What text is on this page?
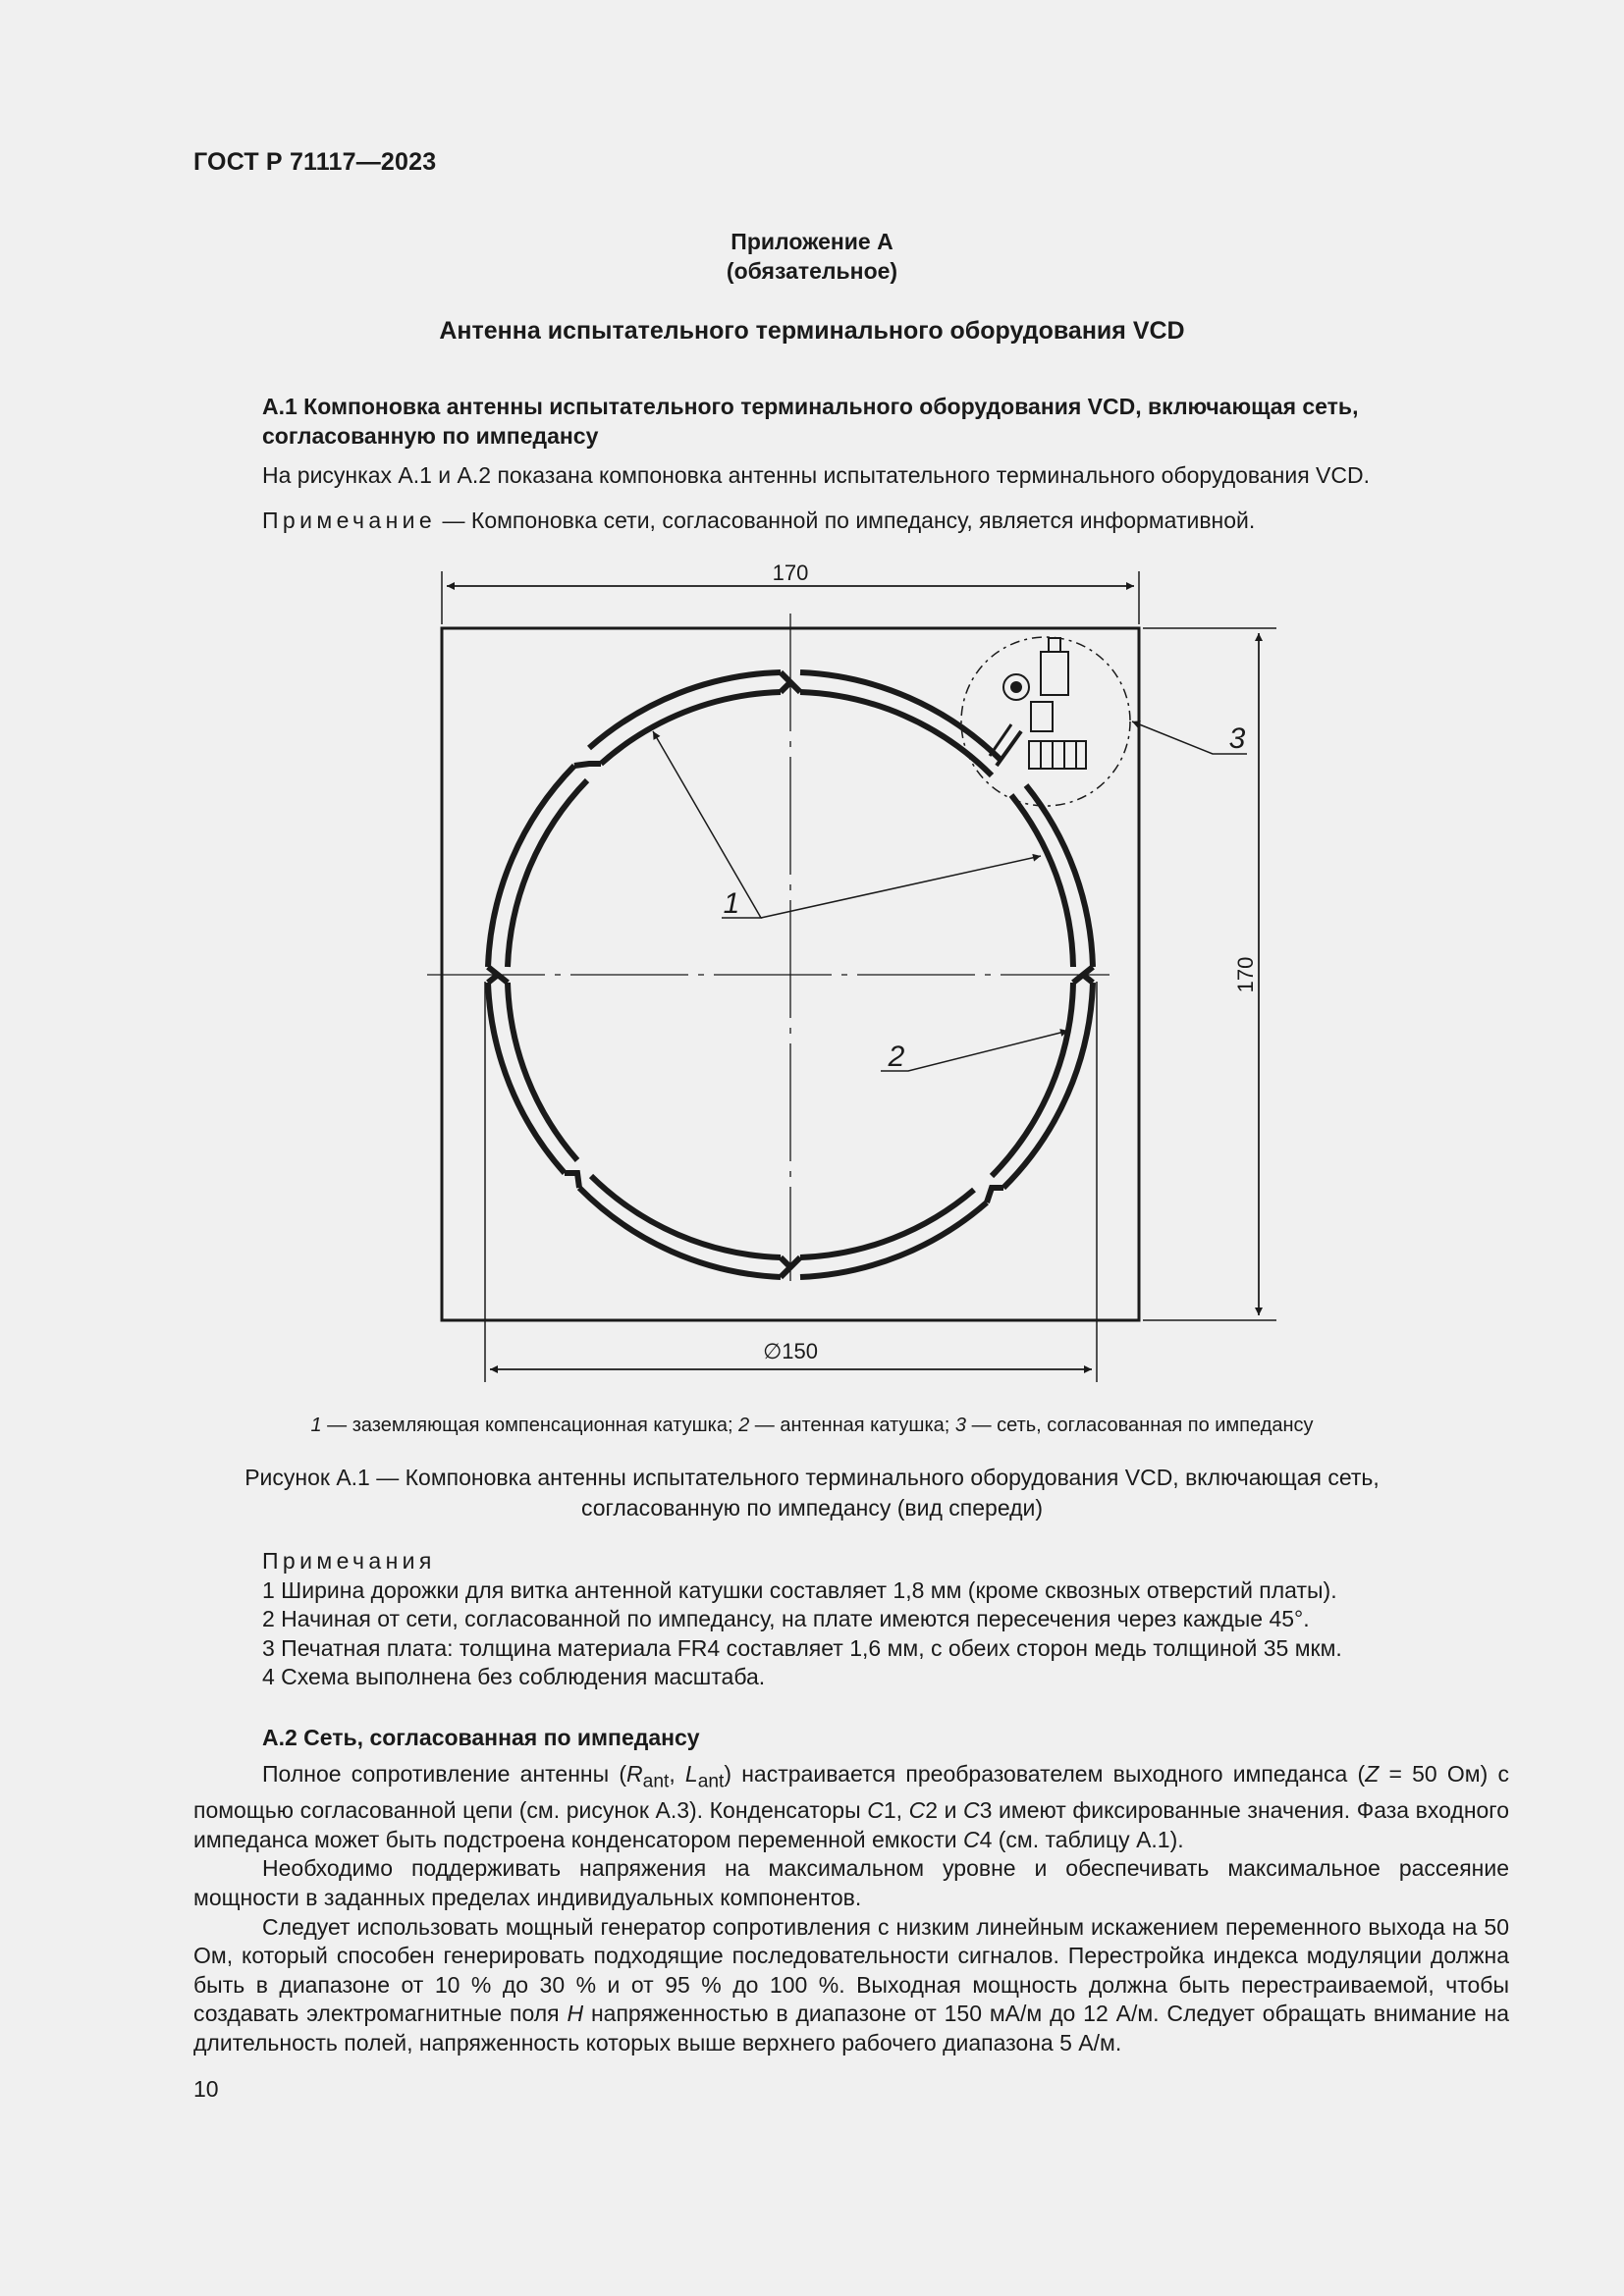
ГОСТ Р 71117—2023
Приложение А
(обязательное)
Антенна испытательного терминального оборудования VCD
А.1 Компоновка антенны испытательного терминального оборудования VCD, включающая сеть,
согласованную по импедансу
На рисунках А.1 и А.2 показана компоновка антенны испытательного терминального оборудования VCD.
Примечание — Компоновка сети, согласованной по импедансу, является информативной.
170
170
∅150
1
2
3
1 — заземляющая компенсационная катушка; 2 — антенная катушка; 3 — сеть, согласованная по импедансу
Рисунок А.1 — Компоновка антенны испытательного терминального оборудования VCD, включающая сеть,
согласованную по импедансу (вид спереди)
Примечания
1 Ширина дорожки для витка антенной катушки составляет 1,8 мм (кроме сквозных отверстий платы).
2 Начиная от сети, согласованной по импедансу, на плате имеются пересечения через каждые 45°.
3 Печатная плата: толщина материала FR4 составляет 1,6 мм, с обеих сторон медь толщиной 35 мкм.
4 Схема выполнена без соблюдения масштаба.
А.2 Сеть, согласованная по импедансу

Полное сопротивление антенны ($R_{ant}$, $L_{ant}$) настраивается преобразователем выходного импеданса (Z = 50 Ом) с помощью согласованной цепи (см. рисунок А.3). Конденсаторы C1, C2 и C3 имеют фиксированные значения. Фаза входного импеданса может быть подстроена конденсатором переменной емкости C4 (см. таблицу А.1).

Необходимо поддерживать напряжения на максимальном уровне и обеспечивать максимальное рассеяние мощности в заданных пределах индивидуальных компонентов.

Следует использовать мощный генератор сопротивления с низким линейным искажением переменного выхода на 50 Ом, который способен генерировать подходящие последовательности сигналов. Перестройка индекса модуляции должна быть в диапазоне от 10 % до 30 % и от 95 % до 100 %. Выходная мощность должна быть перестраиваемой, чтобы создавать электромагнитные поля H напряженностью в диапазоне от 150 мА/м до 12 А/м. Следует обращать внимание на длительность полей, напряженность которых выше верхнего рабочего диапазона 5 А/м.

10
